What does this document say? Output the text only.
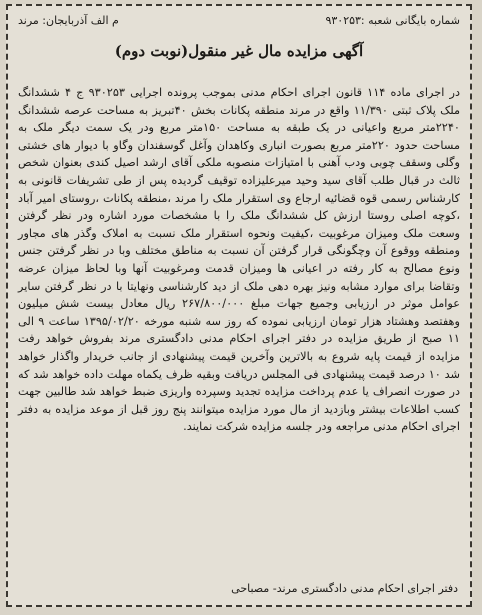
شماره بایگانی شعبه :۹۳۰۲۵۳
م الف آذربایجان: مرند
آگهی مزایده مال غیر منقول(نوبت دوم)
در اجرای ماده ۱۱۴ قانون اجرای احکام مدنی بموجب پرونده اجرایی ۹۳۰۲۵۳ ج ۴ ششدانگ ملک پلاک ثبتی ۱۱/۳۹۰ واقع در مرند منطقه پکانات بخش ۴۰تبریز به مساحت عرصه ششدانگ ۲۲۴۰متر مربع واعیانی در یک طبقه به مساحت ۱۵۰متر مربع ودر یک سمت دیگر ملک به مساحت حدود ۲۲۰متر مربع بصورت انباری وکاهدان وآغل گوسفندان وگاو با دیوار های خشتی وگلی وسقف چوبی ودب آهنی با امتیازات منصوبه ملکی آقای ارشد اصیل کندی بعنوان شخص ثالث در قبال طلب آقای سید وحید میرعلیزاده توقیف گردیده پس از طی تشریفات قانونی به کارشناس رسمی قوه قضائیه ارجاع وی استقرار ملک را مرند ،منطقه پکانات ،روستای امیر آباد ،کوچه اصلی روستا ارزش کل ششدانگ ملک را با مشخصات مورد اشاره ودر نظر گرفتن وسعت ملک ومیزان مرغوبیت ،کیفیت ونحوه استقرار ملک نسبت به املاک وگذر های مجاور ومنطقه ووقوع آن وچگونگی قرار گرفتن آن نسبت به مناطق مختلف وبا در نظر گرفتن جنس ونوع مصالح به کار رفته در اعیانی ها ومیزان قدمت ومرغوبیت آنها وبا لحاظ میزان عرضه وتقاضا برای موارد مشابه ونیز بهره دهی ملک از دید کارشناسی ونهایتا با در نظر گرفتن سایر عوامل موثر در ارزیابی وجمیع جهات مبلغ ۲۶۷/۸۰۰/۰۰۰ ریال معادل بیست شش میلیون وهفتصد وهشتاد هزار تومان ارزیابی نموده که روز سه شنبه مورخه ۱۳۹۵/۰۲/۲۰ ساعت ۹ الی ۱۱ صبح از طریق مزایده در دفتر اجرای احکام مدنی دادگستری مرند بفروش خواهد رفت مزایده از قیمت پایه شروع به بالاترین وآخرین قیمت پیشنهادی از جانب خریدار واگذار خواهد شد ۱۰ درصد قیمت پیشنهادی فی المجلس دریافت وبقیه ظرف یکماه مهلت داده خواهد شد که در صورت انصراف یا عدم پرداخت مزایده تجدید وسپرده واریزی ضبط خواهد شد طالبین جهت کسب اطلاعات بیشتر وبازدید از مال مورد مزایده میتوانند پنج روز قبل از موعد مزایده به دفتر اجرای احکام مدنی مراجعه ودر جلسه مزایده شرکت نمایند.
دفتر اجرای احکام مدنی دادگستری مرند- مصباحی
